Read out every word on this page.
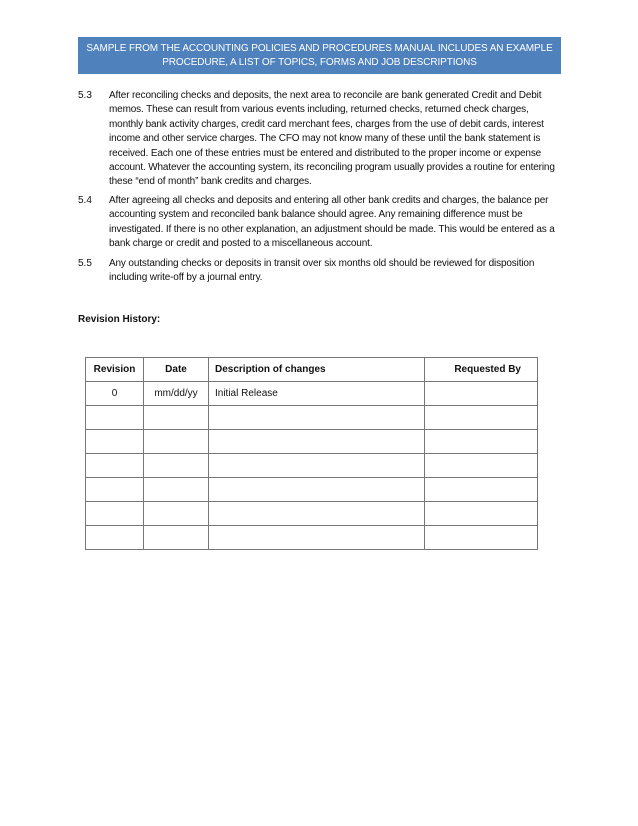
SAMPLE FROM THE ACCOUNTING POLICIES AND PROCEDURES MANUAL INCLUDES AN EXAMPLE
PROCEDURE, A LIST OF TOPICS, FORMS AND JOB DESCRIPTIONS
5.3	After reconciling checks and deposits, the next area to reconcile are bank generated Credit and Debit memos. These can result from various events including, returned checks, returned check charges, monthly bank activity charges, credit card merchant fees, charges from the use of debit cards, interest income and other service charges. The CFO may not know many of these until the bank statement is received. Each one of these entries must be entered and distributed to the proper income or expense account. Whatever the accounting system, its reconciling program usually provides a routine for entering these “end of month” bank credits and charges.
5.4	After agreeing all checks and deposits and entering all other bank credits and charges, the balance per accounting system and reconciled bank balance should agree. Any remaining difference must be investigated. If there is no other explanation, an adjustment should be made. This would be entered as a bank charge or credit and posted to a miscellaneous account.
5.5	Any outstanding checks or deposits in transit over six months old should be reviewed for disposition including write-off by a journal entry.
Revision History:
Revision	Date	Description of changes	Requested By
0	mm/dd/yy	Initial Release	
